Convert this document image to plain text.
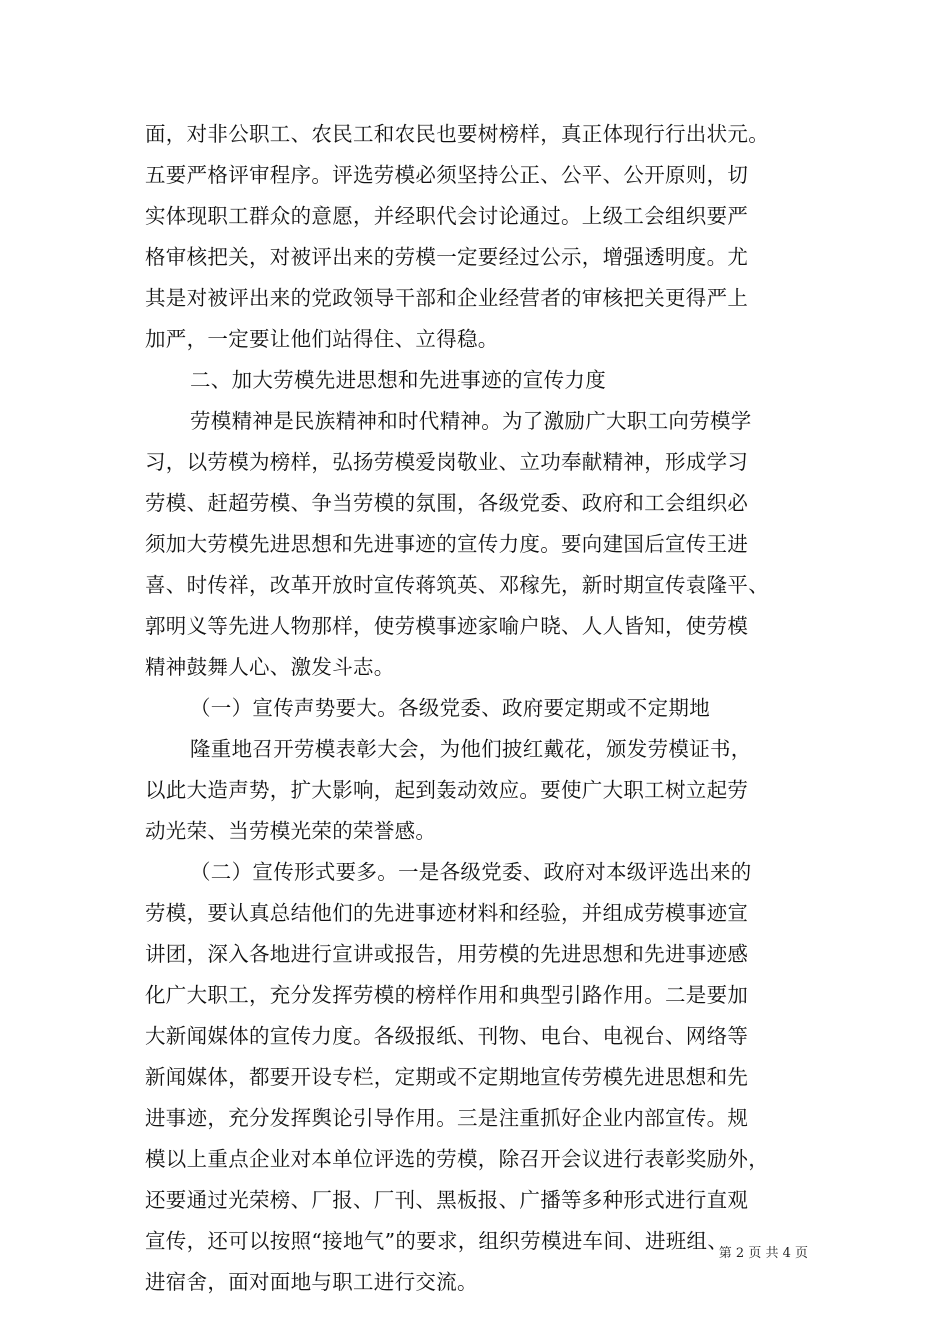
面，对非公职工、农民工和农民也要树榜样，真正体现行行出状元。
五要严格评审程序。评选劳模必须坚持公正、公平、公开原则，切
实体现职工群众的意愿，并经职代会讨论通过。上级工会组织要严
格审核把关，对被评出来的劳模一定要经过公示，增强透明度。尤
其是对被评出来的党政领导干部和企业经营者的审核把关更得严上
加严，一定要让他们站得住、立得稳。
二、加大劳模先进思想和先进事迹的宣传力度
劳模精神是民族精神和时代精神。为了激励广大职工向劳模学
习，以劳模为榜样，弘扬劳模爱岗敬业、立功奉献精神，形成学习
劳模、赶超劳模、争当劳模的氛围，各级党委、政府和工会组织必
须加大劳模先进思想和先进事迹的宣传力度。要向建国后宣传王进
喜、时传祥，改革开放时宣传蒋筑英、邓稼先，新时期宣传袁隆平、
郭明义等先进人物那样，使劳模事迹家喻户晓、人人皆知，使劳模
精神鼓舞人心、激发斗志。
（一）宣传声势要大。各级党委、政府要定期或不定期地
隆重地召开劳模表彰大会，为他们披红戴花，颁发劳模证书，
以此大造声势，扩大影响，起到轰动效应。要使广大职工树立起劳
动光荣、当劳模光荣的荣誉感。
（二）宣传形式要多。一是各级党委、政府对本级评选出来的
劳模，要认真总结他们的先进事迹材料和经验，并组成劳模事迹宣
讲团，深入各地进行宣讲或报告，用劳模的先进思想和先进事迹感
化广大职工，充分发挥劳模的榜样作用和典型引路作用。二是要加
大新闻媒体的宣传力度。各级报纸、刊物、电台、电视台、网络等
新闻媒体，都要开设专栏，定期或不定期地宣传劳模先进思想和先
进事迹，充分发挥舆论引导作用。三是注重抓好企业内部宣传。规
模以上重点企业对本单位评选的劳模，除召开会议进行表彰奖励外，
还要通过光荣榜、厂报、厂刊、黑板报、广播等多种形式进行直观
宣传，还可以按照“接地气”的要求，组织劳模进车间、进班组、
进宿舍，面对面地与职工进行交流。
第 2 页 共 4 页
